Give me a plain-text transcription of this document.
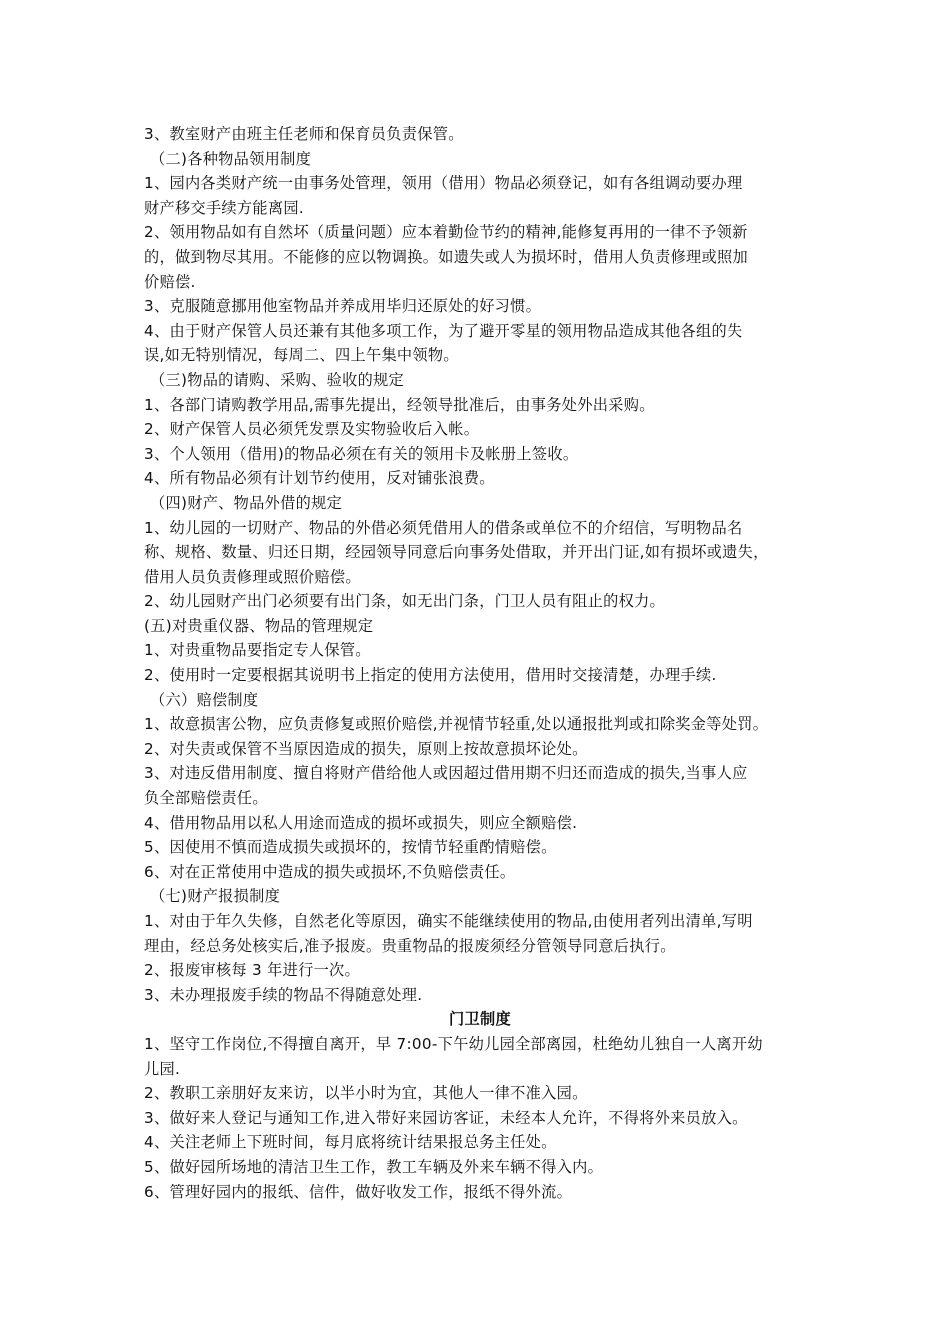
3、教室财产由班主任老师和保育员负责保管。
（二)各种物品领用制度
1、园内各类财产统一由事务处管理，领用（借用）物品必须登记，如有各组调动要办理
财产移交手续方能离园.
2、领用物品如有自然坏（质量问题）应本着勤俭节约的精神,能修复再用的一律不予领新
的，做到物尽其用。不能修的应以物调换。如遗失或人为损坏时，借用人负责修理或照加
价赔偿.
3、克服随意挪用他室物品并养成用毕归还原处的好习惯。
4、由于财产保管人员还兼有其他多项工作，为了避开零星的领用物品造成其他各组的失
误,如无特别情况，每周二、四上午集中领物。
（三)物品的请购、采购、验收的规定
1、各部门请购教学用品,需事先提出，经领导批准后，由事务处外出采购。
2、财产保管人员必须凭发票及实物验收后入帐。
3、个人领用（借用)的物品必须在有关的领用卡及帐册上签收。
4、所有物品必须有计划节约使用，反对铺张浪费。
（四)财产、物品外借的规定
1、幼儿园的一切财产、物品的外借必须凭借用人的借条或单位不的介绍信，写明物品名
称、规格、数量、归还日期，经园领导同意后向事务处借取，并开出门证,如有损坏或遗失，
借用人员负责修理或照价赔偿。
2、幼儿园财产出门必须要有出门条，如无出门条，门卫人员有阻止的权力。
(五)对贵重仪器、物品的管理规定
1、对贵重物品要指定专人保管。
2、使用时一定要根据其说明书上指定的使用方法使用，借用时交接清楚，办理手续.
（六）赔偿制度
1、故意损害公物，应负责修复或照价赔偿,并视情节轻重,处以通报批判或扣除奖金等处罚。
2、对失责或保管不当原因造成的损失，原则上按故意损坏论处。
3、对违反借用制度、擅自将财产借给他人或因超过借用期不归还而造成的损失,当事人应
负全部赔偿责任。
4、借用物品用以私人用途而造成的损坏或损失，则应全额赔偿.
5、因使用不慎而造成损失或损坏的，按情节轻重酌情赔偿。
6、对在正常使用中造成的损失或损坏,不负赔偿责任。
（七)财产报损制度
1、对由于年久失修，自然老化等原因，确实不能继续使用的物品,由使用者列出清单,写明
理由，经总务处核实后,准予报废。贵重物品的报废须经分管领导同意后执行。
2、报废审核每 3 年进行一次。
3、未办理报废手续的物品不得随意处理.
门卫制度
1、坚守工作岗位,不得擅自离开，早 7:00-下午幼儿园全部离园，杜绝幼儿独自一人离开幼
儿园.
2、教职工亲朋好友来访，以半小时为宜，其他人一律不准入园。
3、做好来人登记与通知工作,进入带好来园访客证，未经本人允许，不得将外来员放入。
4、关注老师上下班时间，每月底将统计结果报总务主任处。
5、做好园所场地的清洁卫生工作，教工车辆及外来车辆不得入内。
6、管理好园内的报纸、信件，做好收发工作，报纸不得外流。
